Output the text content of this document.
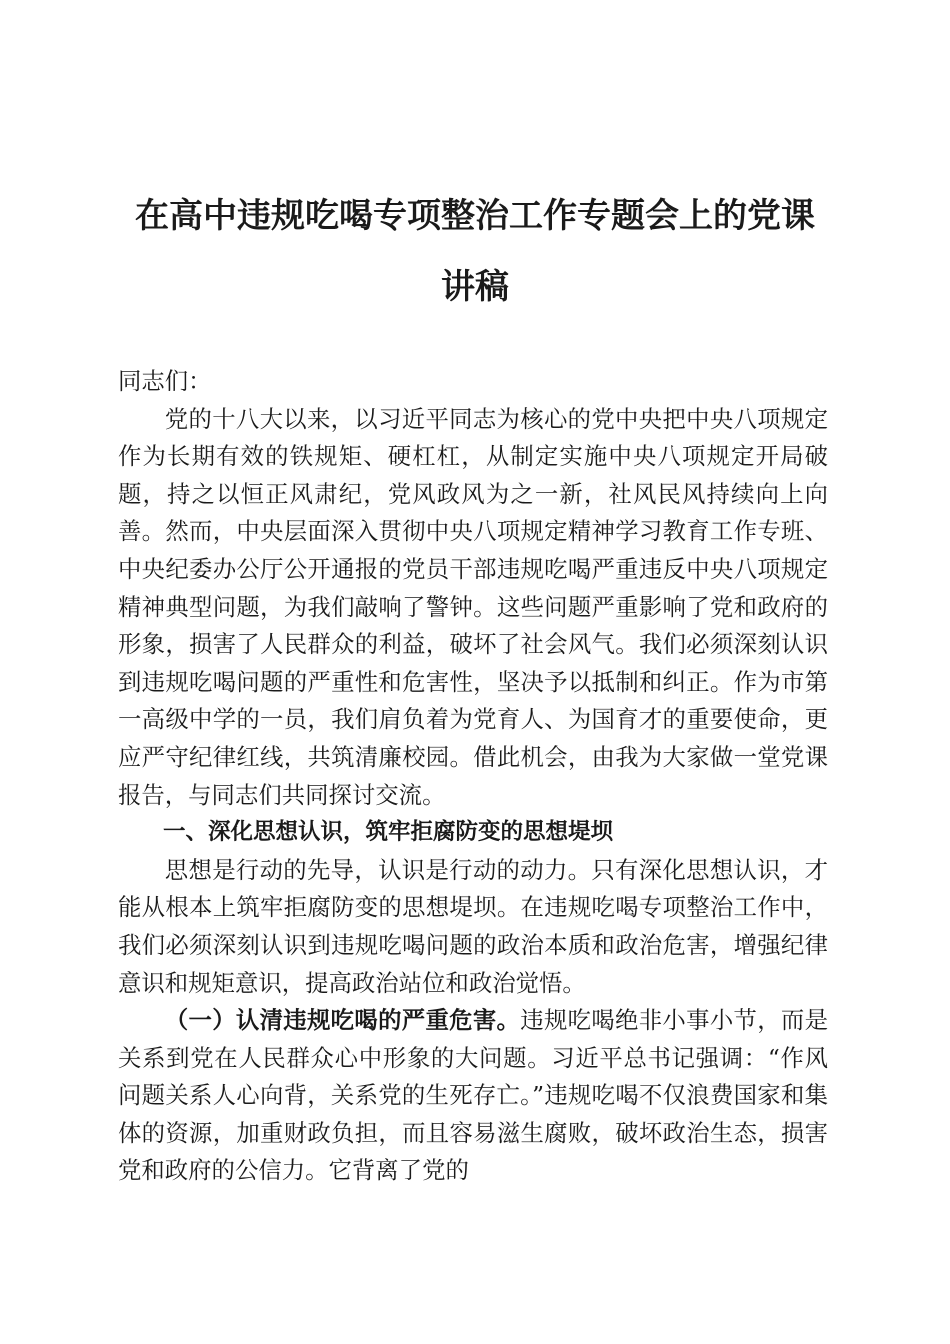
在高中违规吃喝专项整治工作专题会上的党课
讲稿

同志们：

党的十八大以来，以习近平同志为核心的党中央把中央八项规定作为长期有效的铁规矩、硬杠杠，从制定实施中央八项规定开局破题，持之以恒正风肃纪，党风政风为之一新，社风民风持续向上向善。然而，中央层面深入贯彻中央八项规定精神学习教育工作专班、中央纪委办公厅公开通报的党员干部违规吃喝严重违反中央八项规定精神典型问题，为我们敲响了警钟。这些问题严重影响了党和政府的形象，损害了人民群众的利益，破坏了社会风气。我们必须深刻认识到违规吃喝问题的严重性和危害性，坚决予以抵制和纠正。作为市第一高级中学的一员，我们肩负着为党育人、为国育才的重要使命，更应严守纪律红线，共筑清廉校园。借此机会，由我为大家做一堂党课报告，与同志们共同探讨交流。

一、深化思想认识，筑牢拒腐防变的思想堤坝

思想是行动的先导，认识是行动的动力。只有深化思想认识，才能从根本上筑牢拒腐防变的思想堤坝。在违规吃喝专项整治工作中，我们必须深刻认识到违规吃喝问题的政治本质和政治危害，增强纪律意识和规矩意识，提高政治站位和政治觉悟。

（一）认清违规吃喝的严重危害。违规吃喝绝非小事小节，而是关系到党在人民群众心中形象的大问题。习近平总书记强调：“作风问题关系人心向背，关系党的生死存亡。”违规吃喝不仅浪费国家和集体的资源，加重财政负担，而且容易滋生腐败，破坏政治生态，损害党和政府的公信力。它背离了党的
